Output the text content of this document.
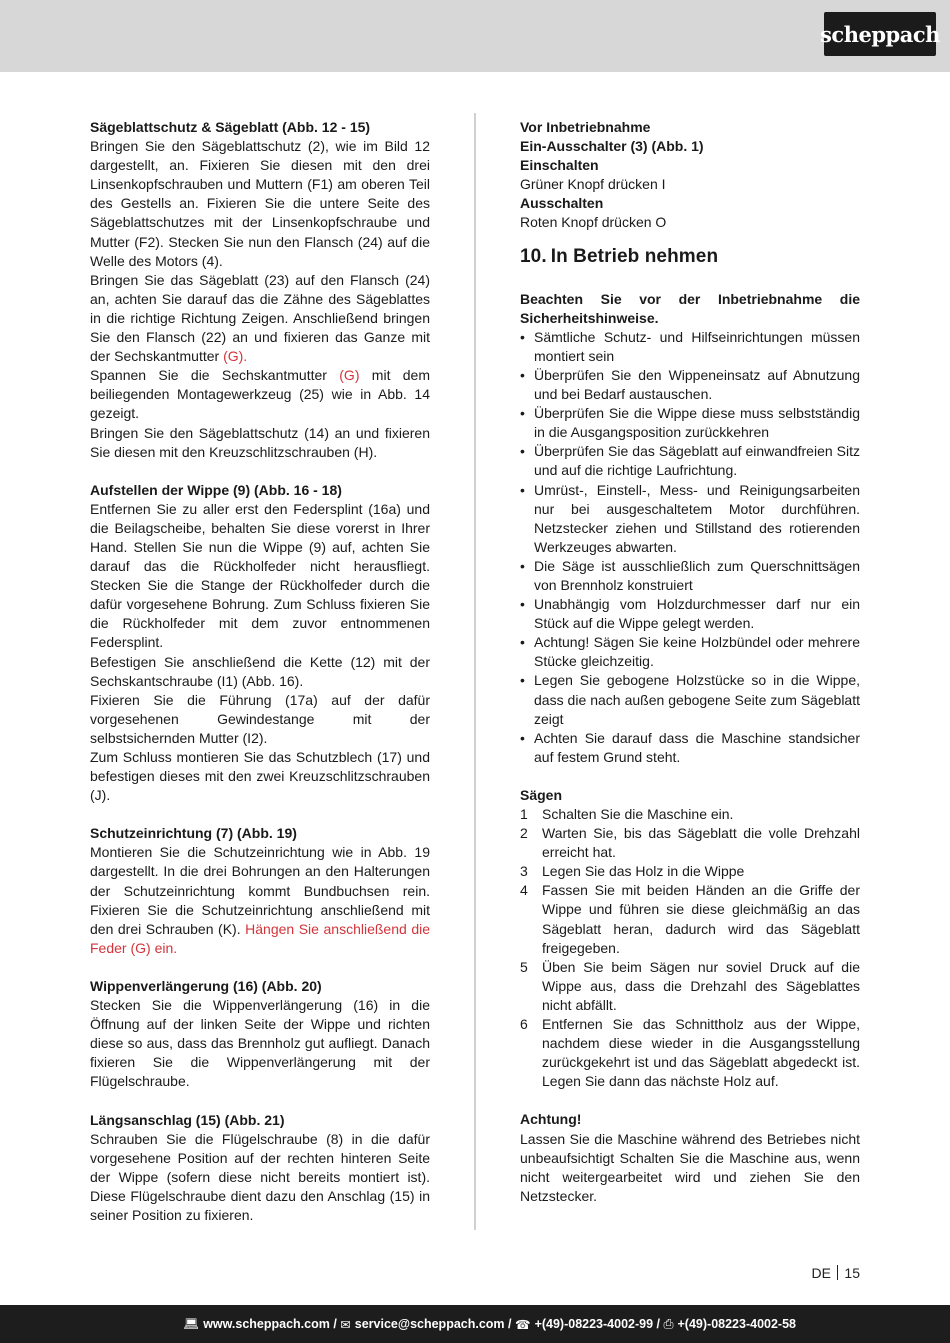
scheppach

Sägeblattschutz & Sägeblatt (Abb. 12 - 15)

Bringen Sie den Sägeblattschutz (2), wie im Bild 12 dargestellt, an. Fixieren Sie diesen mit den drei Linsenkopfschrauben und Muttern (F1) am oberen Teil des Gestells an. Fixieren Sie die untere Seite des Sägeblattschutzes mit der Linsenkopfschraube und Mutter (F2). Stecken Sie nun den Flansch (24) auf die Welle des Motors (4).

Bringen Sie das Sägeblatt (23) auf den Flansch (24) an, achten Sie darauf das die Zähne des Sägeblattes in die richtige Richtung Zeigen. Anschließend bringen Sie den Flansch (22) an und fixieren das Ganze mit der Sechskantmutter (G).

Spannen Sie die Sechskantmutter (G) mit dem beiliegenden Montagewerkzeug (25) wie in Abb. 14 gezeigt.

Bringen Sie den Sägeblattschutz (14) an und fixieren Sie diesen mit den Kreuzschlitzschrauben (H).

Aufstellen der Wippe (9) (Abb. 16 - 18)

Entfernen Sie zu aller erst den Federsplint (16a) und die Beilagscheibe, behalten Sie diese vorerst in Ihrer Hand. Stellen Sie nun die Wippe (9) auf, achten Sie darauf das die Rückholfeder nicht herausfliegt. Stecken Sie die Stange der Rückholfeder durch die dafür vorgesehene Bohrung. Zum Schluss fixieren Sie die Rückholfeder mit dem zuvor entnommenen Federsplint.

Befestigen Sie anschließend die Kette (12) mit der Sechskantschraube (I1) (Abb. 16).

Fixieren Sie die Führung (17a) auf der dafür vorgesehenen Gewindestange mit der selbstsichernden Mutter (I2).

Zum Schluss montieren Sie das Schutzblech (17) und befestigen dieses mit den zwei Kreuzschlitzschrauben (J).

Schutzeinrichtung (7) (Abb. 19)

Montieren Sie die Schutzeinrichtung wie in Abb. 19 dargestellt. In die drei Bohrungen an den Halterungen der Schutzeinrichtung kommt Bundbuchsen rein. Fixieren Sie die Schutzeinrichtung anschließend mit den drei Schrauben (K). Hängen Sie anschließend die Feder (G) ein.

Wippenverlängerung (16) (Abb. 20)

Stecken Sie die Wippenverlängerung (16) in die Öffnung auf der linken Seite der Wippe und richten diese so aus, dass das Brennholz gut aufliegt. Danach fixieren Sie die Wippenverlängerung mit der Flügelschraube.

Längsanschlag (15) (Abb. 21)

Schrauben Sie die Flügelschraube (8) in die dafür vorgesehene Position auf der rechten hinteren Seite der Wippe (sofern diese nicht bereits montiert ist). Diese Flügelschraube dient dazu den Anschlag (15) in seiner Position zu fixieren.

Vor Inbetriebnahme

Ein-Ausschalter (3) (Abb. 1)

Einschalten

Grüner Knopf drücken I

Ausschalten

Roten Knopf drücken O

10. In Betrieb nehmen

Beachten Sie vor der Inbetriebnahme die Sicherheitshinweise.

• Sämtliche Schutz- und Hilfseinrichtungen müssen montiert sein
• Überprüfen Sie den Wippeneinsatz auf Abnutzung und bei Bedarf austauschen.
• Überprüfen Sie die Wippe diese muss selbstständig in die Ausgangsposition zurückkehren
• Überprüfen Sie das Sägeblatt auf einwandfreien Sitz und auf die richtige Laufrichtung.
• Umrüst-, Einstell-, Mess- und Reinigungsarbeiten nur bei ausgeschaltetem Motor durchführen. Netzstecker ziehen und Stillstand des rotierenden Werkzeuges abwarten.
• Die Säge ist ausschließlich zum Querschnittsägen von Brennholz konstruiert
• Unabhängig vom Holzdurchmesser darf nur ein Stück auf die Wippe gelegt werden.
• Achtung! Sägen Sie keine Holzbündel oder mehrere Stücke gleichzeitig.
• Legen Sie gebogene Holzstücke so in die Wippe, dass die nach außen gebogene Seite zum Sägeblatt zeigt
• Achten Sie darauf dass die Maschine standsicher auf festem Grund steht.

Sägen

1	Schalten Sie die Maschine ein.
2	Warten Sie, bis das Sägeblatt die volle Drehzahl erreicht hat.
3	Legen Sie das Holz in die Wippe
4	Fassen Sie mit beiden Händen an die Griffe der Wippe und führen sie diese gleichmäßig an das Sägeblatt heran, dadurch wird das Sägeblatt freigegeben.
5	Üben Sie beim Sägen nur soviel Druck auf die Wippe aus, dass die Drehzahl des Sägeblattes nicht abfällt.
6	Entfernen Sie das Schnittholz aus der Wippe, nachdem diese wieder in die Ausgangsstellung zurückgekehrt ist und das Sägeblatt abgedeckt ist. Legen Sie dann das nächste Holz auf.

Achtung!

Lassen Sie die Maschine während des Betriebes nicht unbeaufsichtigt Schalten Sie die Maschine aus, wenn nicht weitergearbeitet wird und ziehen Sie den Netzstecker.

DE 15
💻︎ www.scheppach.com /
✉ service@scheppach.com /
☎ +(49)-08223-4002-99 /
⎙ +(49)-08223-4002-58
